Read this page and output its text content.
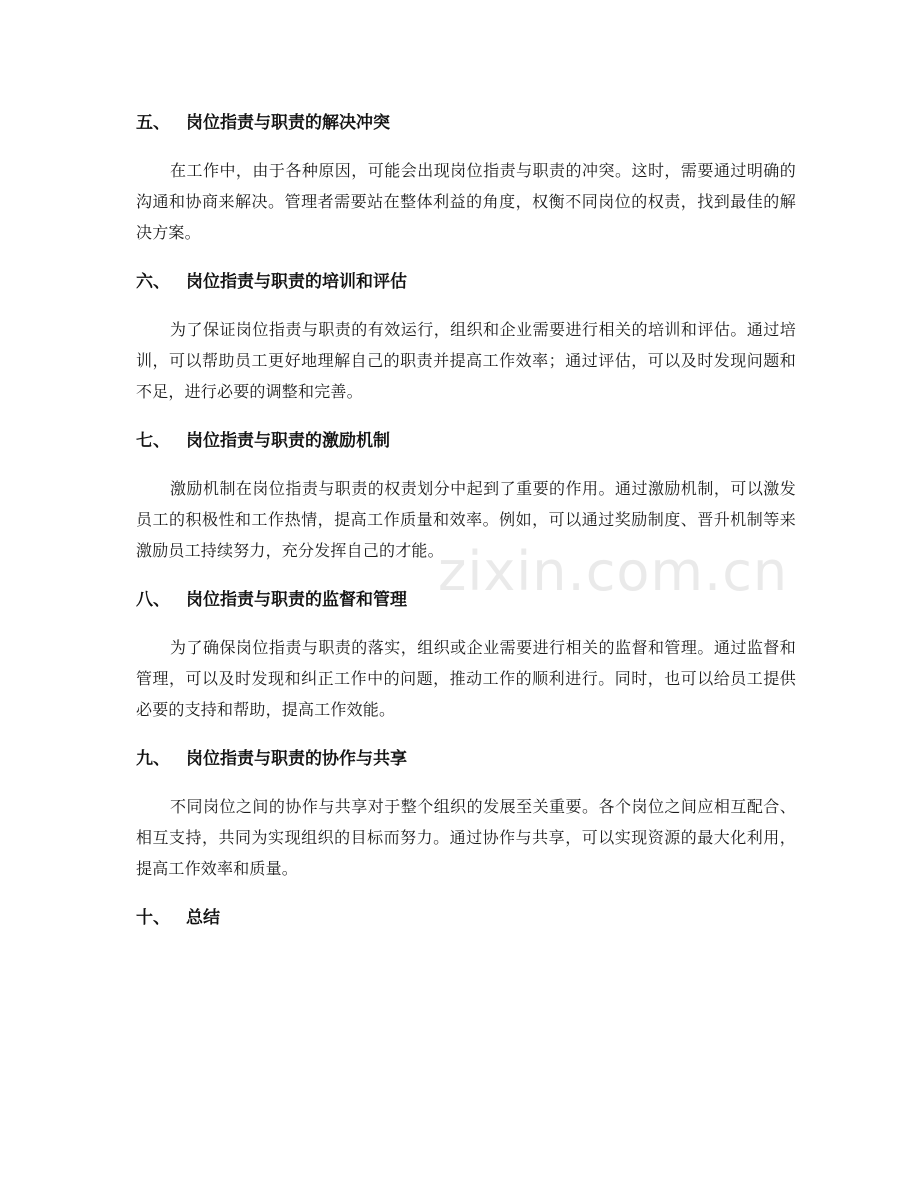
五、 岗位指责与职责的解决冲突

在工作中，由于各种原因，可能会出现岗位指责与职责的冲突。这时，需要通过明确的沟通和协商来解决。管理者需要站在整体利益的角度，权衡不同岗位的权责，找到最佳的解决方案。

六、 岗位指责与职责的培训和评估

为了保证岗位指责与职责的有效运行，组织和企业需要进行相关的培训和评估。通过培训，可以帮助员工更好地理解自己的职责并提高工作效率；通过评估，可以及时发现问题和不足，进行必要的调整和完善。

七、 岗位指责与职责的激励机制

激励机制在岗位指责与职责的权责划分中起到了重要的作用。通过激励机制，可以激发员工的积极性和工作热情，提高工作质量和效率。例如，可以通过奖励制度、晋升机制等来激励员工持续努力，充分发挥自己的才能。

八、 岗位指责与职责的监督和管理

为了确保岗位指责与职责的落实，组织或企业需要进行相关的监督和管理。通过监督和管理，可以及时发现和纠正工作中的问题，推动工作的顺利进行。同时，也可以给员工提供必要的支持和帮助，提高工作效能。

九、 岗位指责与职责的协作与共享

不同岗位之间的协作与共享对于整个组织的发展至关重要。各个岗位之间应相互配合、相互支持，共同为实现组织的目标而努力。通过协作与共享，可以实现资源的最大化利用，提高工作效率和质量。

十、 总结
zixin.com.cn
